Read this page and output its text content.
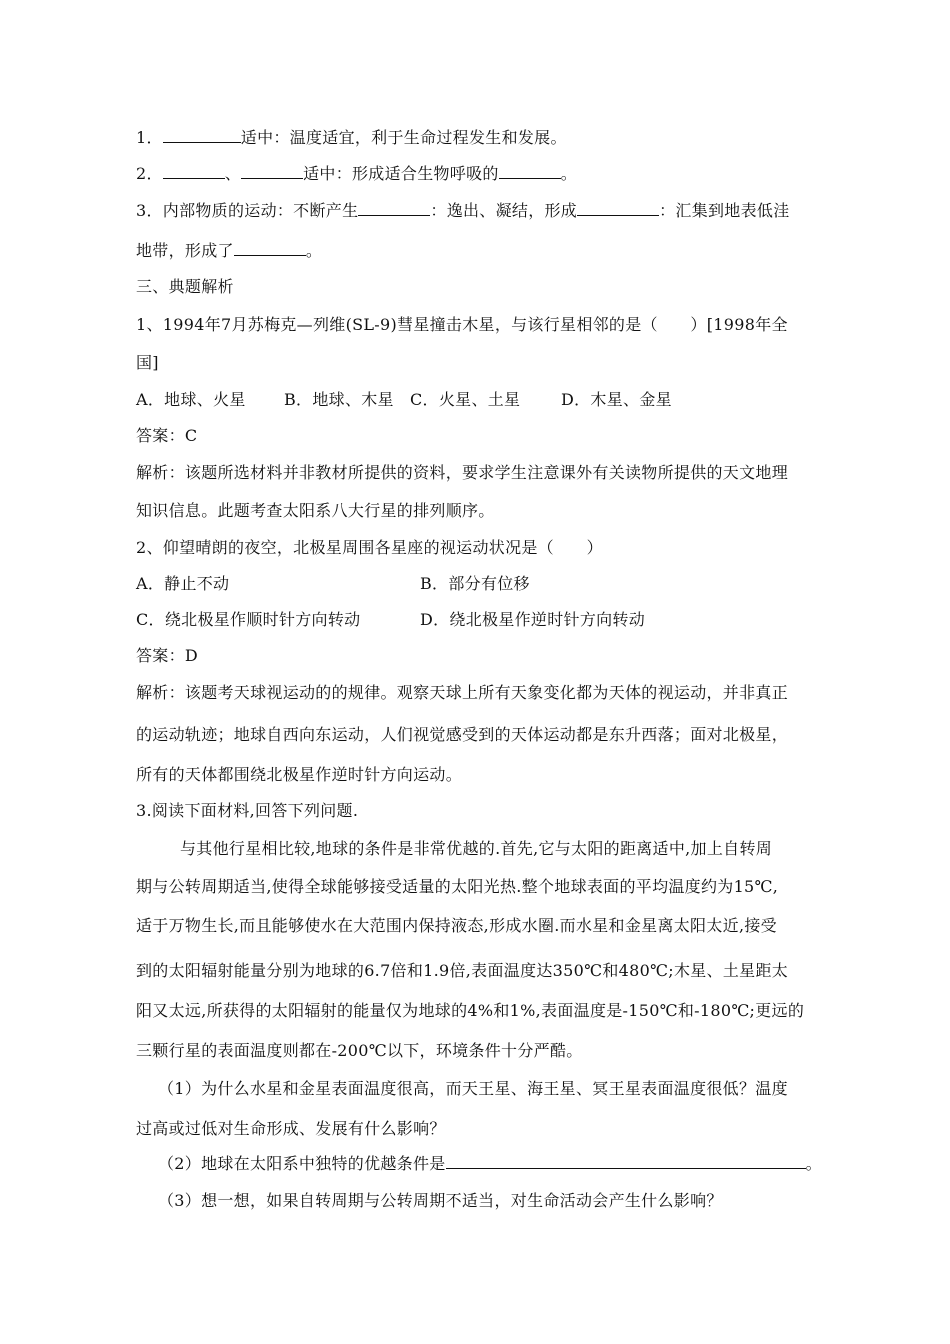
1．	适中：温度适宜，利于生命过程发生和发展。
2．	、	适中：形成适合生物呼吸的	。
3．内部物质的运动：不断产生	：逸出、凝结，形成	：汇集到地表低洼
地带，形成了	。
三、典题解析
1、1994年7月苏梅克—列维(SL-9)彗星撞击木星，与该行星相邻的是（　　）[1998年全
国]
A．地球、火星 B．地球、木星 C．火星、土星	D．木星、金星
答案：C
解析：该题所选材料并非教材所提供的资料，要求学生注意课外有关读物所提供的天文地理
知识信息。此题考查太阳系八大行星的排列顺序。
2、仰望晴朗的夜空，北极星周围各星座的视运动状况是（　　）
A．静止不动	B．部分有位移
C．绕北极星作顺时针方向转动	D．绕北极星作逆时针方向转动
答案：D
解析：该题考天球视运动的的规律。观察天球上所有天象变化都为天体的视运动，并非真正
的运动轨迹；地球自西向东运动，人们视觉感受到的天体运动都是东升西落；面对北极星，
所有的天体都围绕北极星作逆时针方向运动。
3.阅读下面材料,回答下列问题.
与其他行星相比较,地球的条件是非常优越的.首先,它与太阳的距离适中,加上自转周
期与公转周期适当,使得全球能够接受适量的太阳光热.整个地球表面的平均温度约为15℃,
适于万物生长,而且能够使水在大范围内保持液态,形成水圈.而水星和金星离太阳太近,接受
到的太阳辐射能量分别为地球的6.7倍和1.9倍,表面温度达350℃和480℃;木星、土星距太
阳又太远,所获得的太阳辐射的能量仅为地球的4%和1%,表面温度是-150℃和-180℃;更远的
三颗行星的表面温度则都在-200℃以下，环境条件十分严酷。
（1）为什么水星和金星表面温度很高，而天王星、海王星、冥王星表面温度很低？温度
过高或过低对生命形成、发展有什么影响？
（2）地球在太阳系中独特的优越条件是	。
（3）想一想，如果自转周期与公转周期不适当，对生命活动会产生什么影响？
